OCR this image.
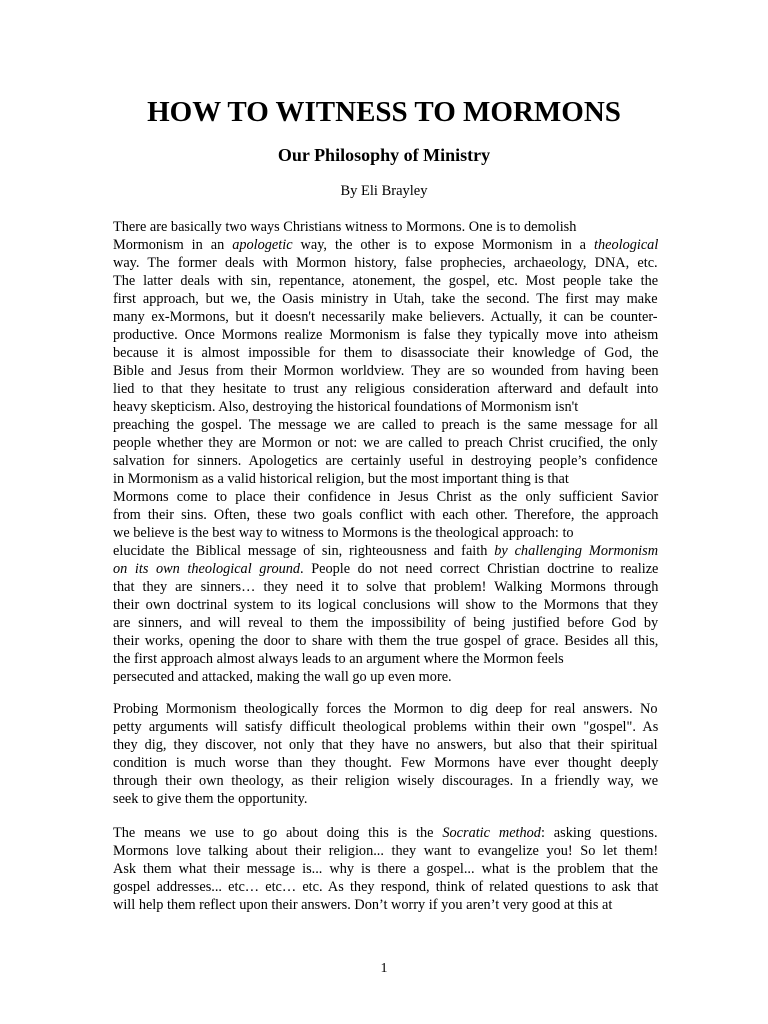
HOW TO WITNESS TO MORMONS
Our Philosophy of Ministry
By Eli Brayley
There are basically two ways Christians witness to Mormons. One is to demolish
Mormonism in an apologetic way, the other is to expose Mormonism in a theological
way. The former deals with Mormon history, false prophecies, archaeology, DNA, etc.
The latter deals with sin, repentance, atonement, the gospel, etc. Most people take the
first approach, but we, the Oasis ministry in Utah, take the second. The first may make
many ex-Mormons, but it doesn't necessarily make believers. Actually, it can be counter-
productive. Once Mormons realize Mormonism is false they typically move into atheism
because it is almost impossible for them to disassociate their knowledge of God, the
Bible and Jesus from their Mormon worldview. They are so wounded from having been
lied to that they hesitate to trust any religious consideration afterward and default into
heavy skepticism. Also, destroying the historical foundations of Mormonism isn't
preaching the gospel. The message we are called to preach is the same message for all
people whether they are Mormon or not: we are called to preach Christ crucified, the only
salvation for sinners. Apologetics are certainly useful in destroying people’s confidence
in Mormonism as a valid historical religion, but the most important thing is that
Mormons come to place their confidence in Jesus Christ as the only sufficient Savior
from their sins. Often, these two goals conflict with each other. Therefore, the approach
we believe is the best way to witness to Mormons is the theological approach: to
elucidate the Biblical message of sin, righteousness and faith by challenging Mormonism
on its own theological ground. People do not need correct Christian doctrine to realize
that they are sinners… they need it to solve that problem! Walking Mormons through
their own doctrinal system to its logical conclusions will show to the Mormons that they
are sinners, and will reveal to them the impossibility of being justified before God by
their works, opening the door to share with them the true gospel of grace. Besides all this,
the first approach almost always leads to an argument where the Mormon feels
persecuted and attacked, making the wall go up even more.
Probing Mormonism theologically forces the Mormon to dig deep for real answers. No
petty arguments will satisfy difficult theological problems within their own "gospel". As
they dig, they discover, not only that they have no answers, but also that their spiritual
condition is much worse than they thought. Few Mormons have ever thought deeply
through their own theology, as their religion wisely discourages. In a friendly way, we
seek to give them the opportunity.
The means we use to go about doing this is the Socratic method: asking questions.
Mormons love talking about their religion... they want to evangelize you! So let them!
Ask them what their message is... why is there a gospel... what is the problem that the
gospel addresses... etc… etc… etc. As they respond, think of related questions to ask that
will help them reflect upon their answers. Don’t worry if you aren’t very good at this at
1
